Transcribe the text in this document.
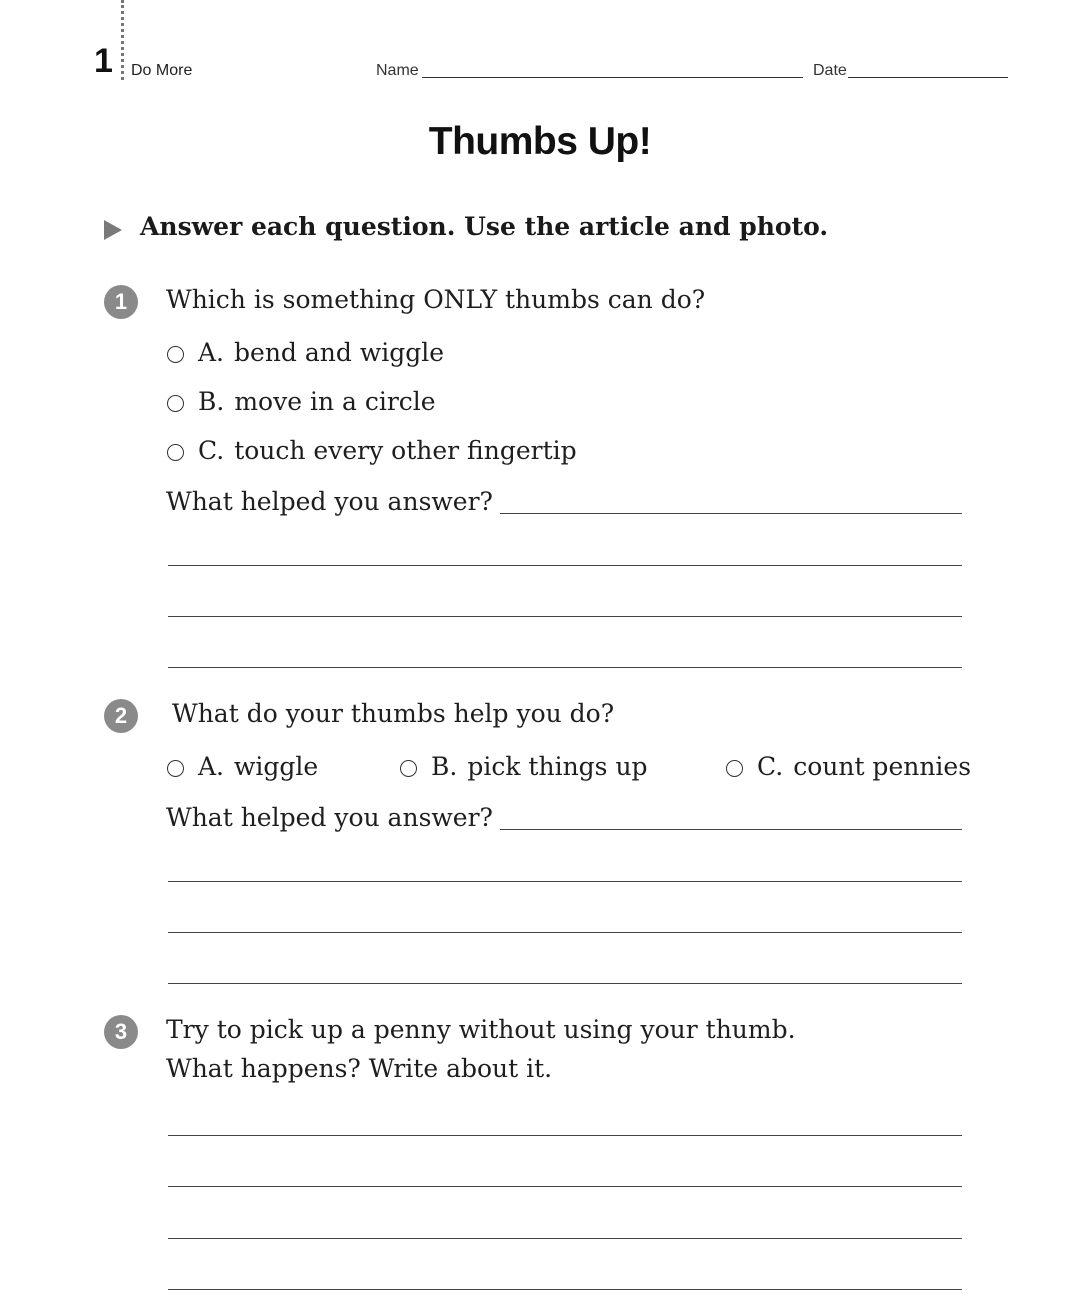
1 Do More	Name	Date
Thumbs Up!
Answer each question. Use the article and photo.
1	Which is something ONLY thumbs can do?
A. bend and wiggle
B. move in a circle
C. touch every other fingertip
What helped you answer?
2	What do your thumbs help you do?
A. wiggle	B. pick things up	C. count pennies
What helped you answer?
3	Try to pick up a penny without using your thumb.
What happens? Write about it.
